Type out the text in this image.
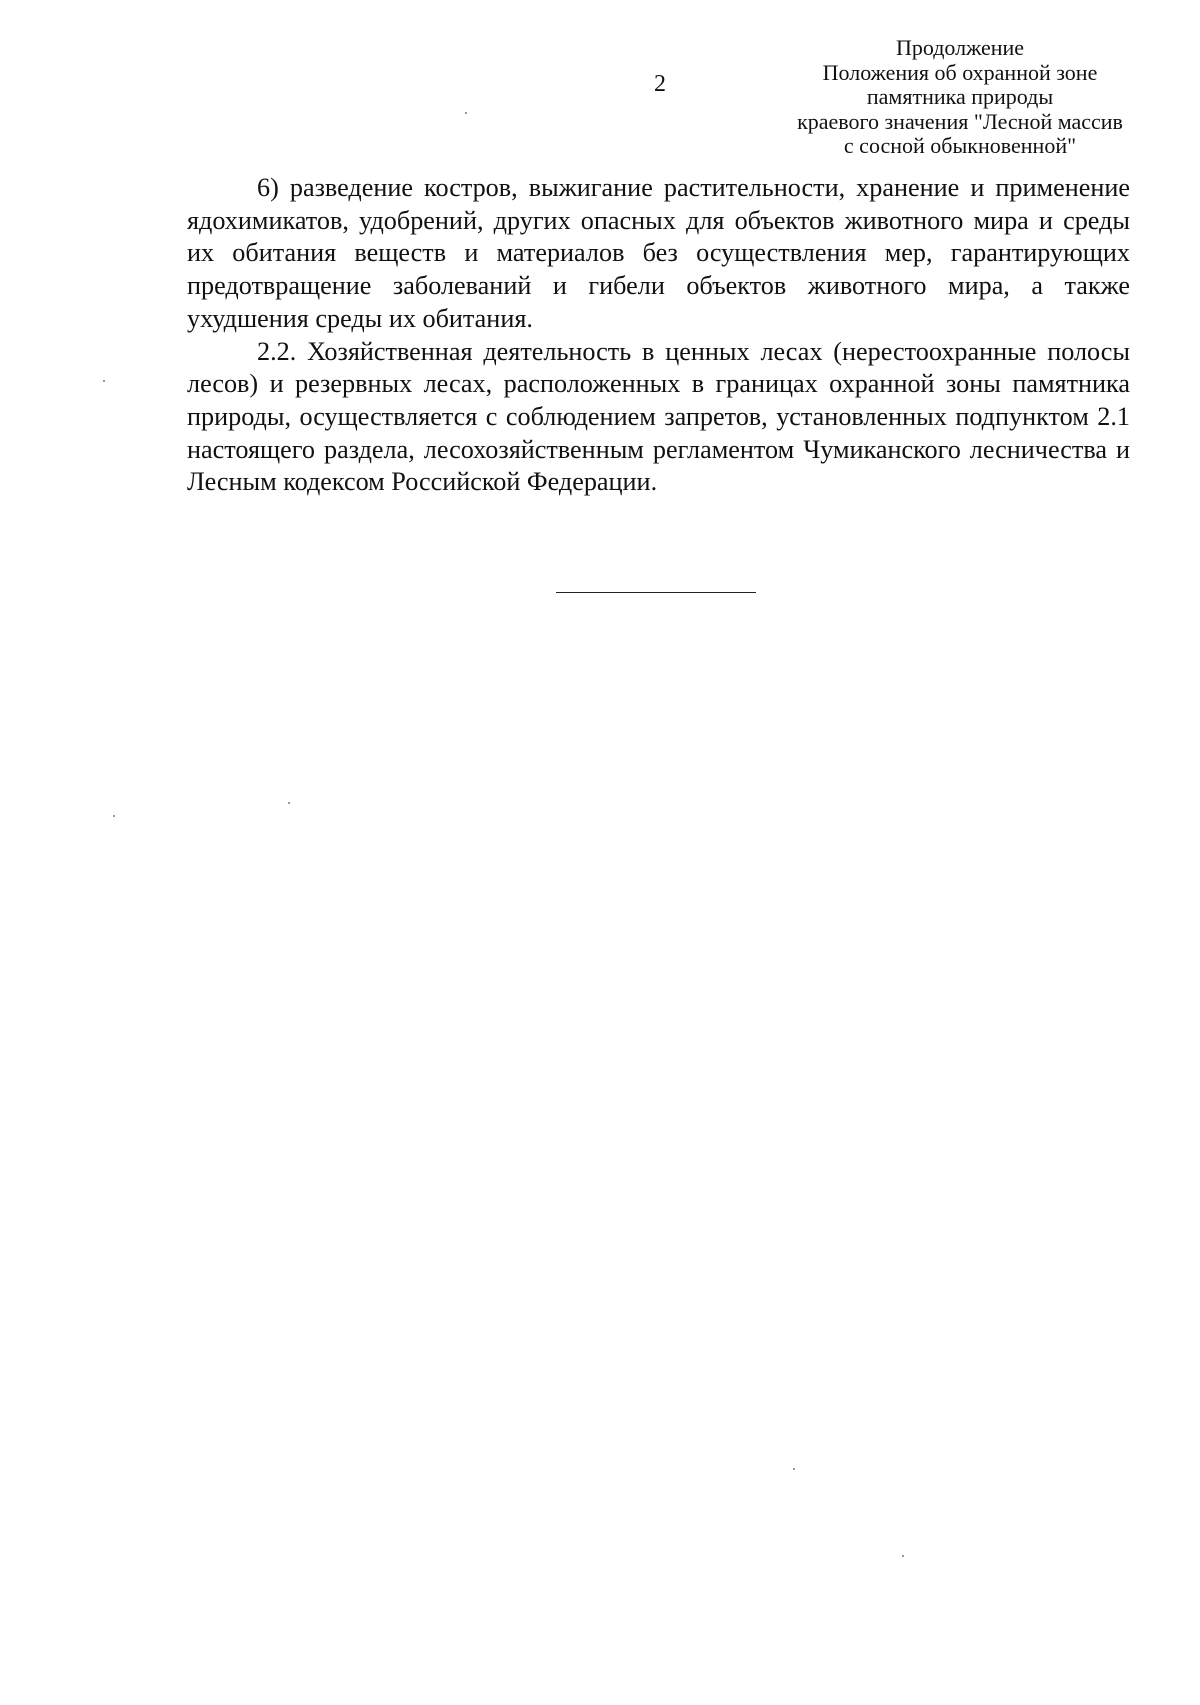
2
Продолжение
Положения об охранной зоне
памятника природы
краевого значения "Лесной массив
с сосной обыкновенной"

6) разведение костров, выжигание растительности, хранение и применение ядохимикатов, удобрений, других опасных для объектов животного мира и среды их обитания веществ и материалов без осуществления мер, гарантирующих предотвращение заболеваний и гибели объектов животного мира, а также ухудшения среды их обитания.

2.2. Хозяйственная деятельность в ценных лесах (нерестоохранные полосы лесов) и резервных лесах, расположенных в границах охранной зоны памятника природы, осуществляется с соблюдением запретов, установленных подпунктом 2.1 настоящего раздела, лесохозяйственным регламентом Чумиканского лесничества и Лесным кодексом Российской Федерации.
